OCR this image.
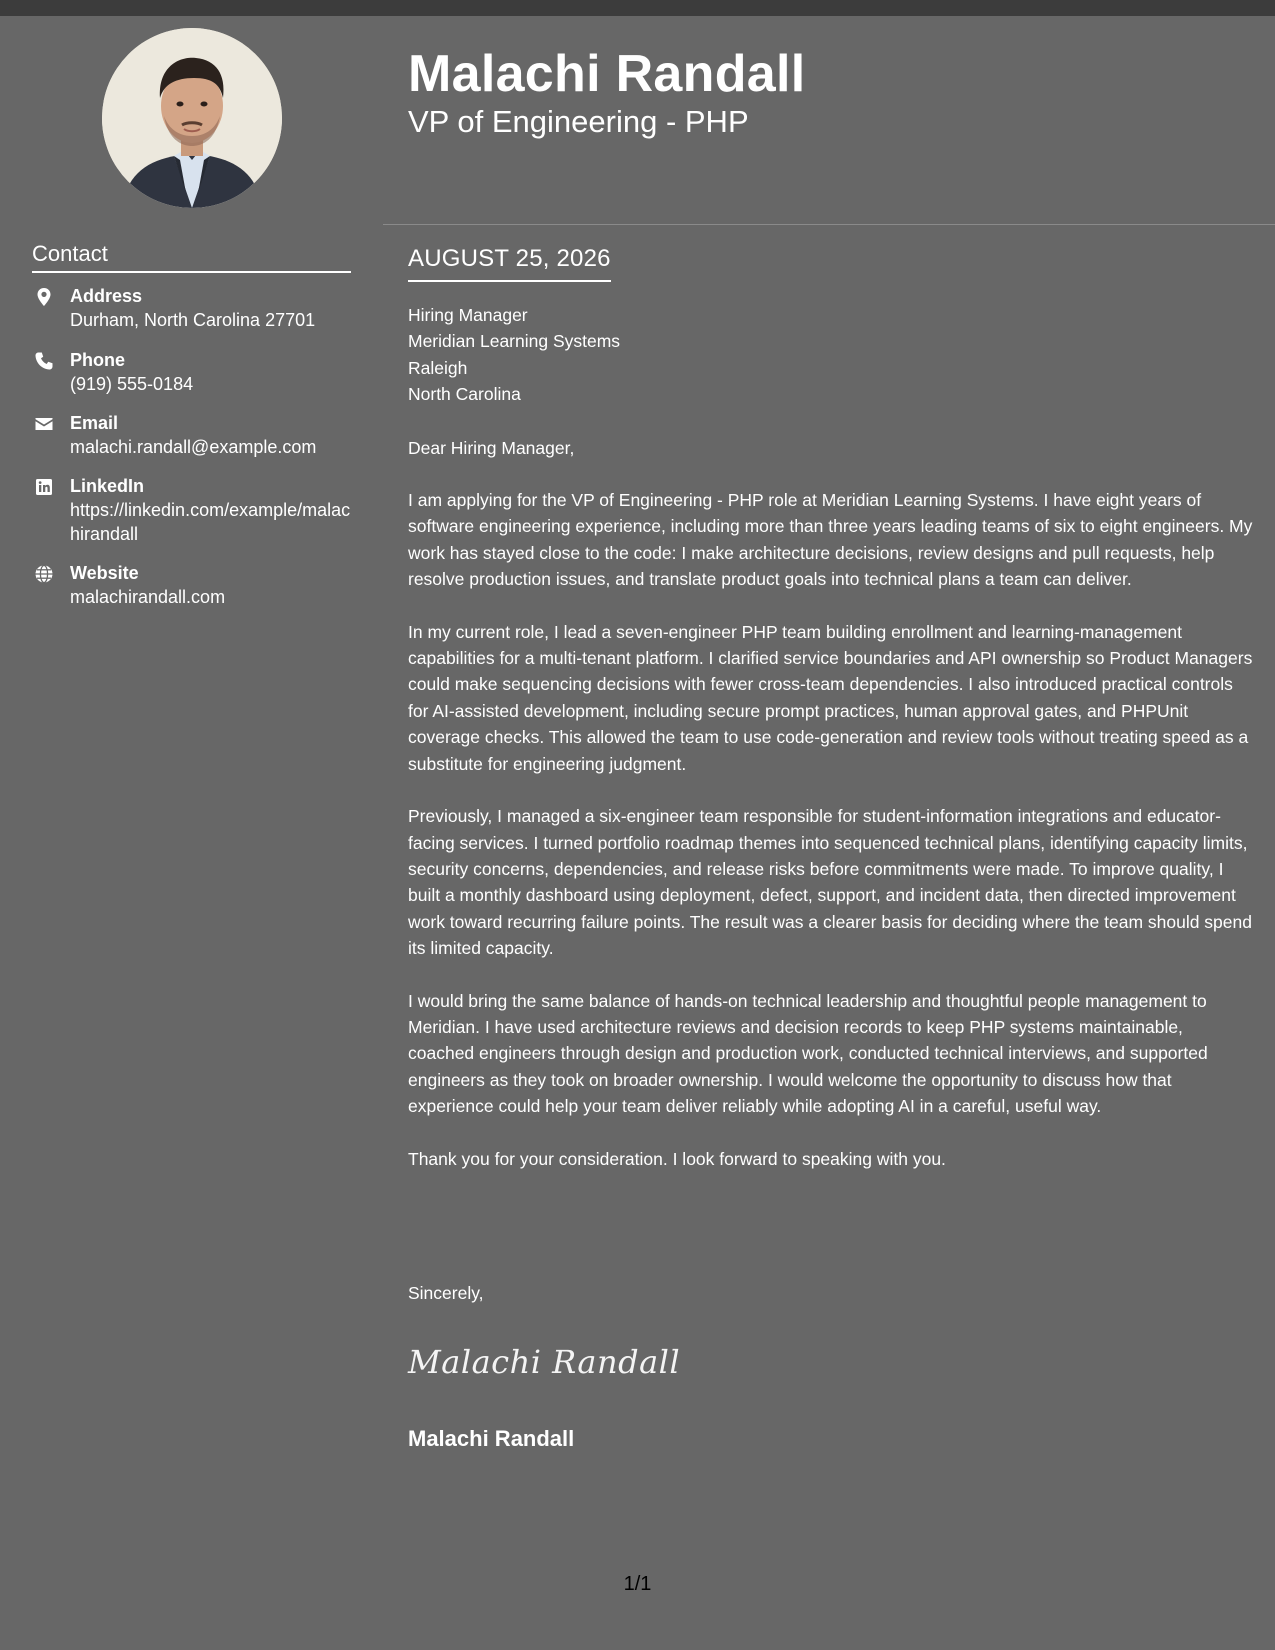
Contact
Address
Durham, North Carolina 27701
Phone
(919) 555-0184
Email
malachi.randall@example.com
LinkedIn
https://linkedin.com/example/malachirandall
Website
malachirandall.com
Malachi Randall
VP of Engineering - PHP
AUGUST 25, 2026
Hiring Manager
Meridian Learning Systems
Raleigh
North Carolina

Dear Hiring Manager,

I am applying for the VP of Engineering - PHP role at Meridian Learning Systems. I have eight years of software engineering experience, including more than three years leading teams of six to eight engineers. My work has stayed close to the code: I make architecture decisions, review designs and pull requests, help resolve production issues, and translate product goals into technical plans a team can deliver.

In my current role, I lead a seven-engineer PHP team building enrollment and learning-management capabilities for a multi-tenant platform. I clarified service boundaries and API ownership so Product Managers could make sequencing decisions with fewer cross-team dependencies. I also introduced practical controls for AI-assisted development, including secure prompt practices, human approval gates, and PHPUnit coverage checks. This allowed the team to use code-generation and review tools without treating speed as a substitute for engineering judgment.

Previously, I managed a six-engineer team responsible for student-information integrations and educator-facing services. I turned portfolio roadmap themes into sequenced technical plans, identifying capacity limits, security concerns, dependencies, and release risks before commitments were made. To improve quality, I built a monthly dashboard using deployment, defect, support, and incident data, then directed improvement work toward recurring failure points. The result was a clearer basis for deciding where the team should spend its limited capacity.

I would bring the same balance of hands-on technical leadership and thoughtful people management to Meridian. I have used architecture reviews and decision records to keep PHP systems maintainable, coached engineers through design and production work, conducted technical interviews, and supported engineers as they took on broader ownership. I would welcome the opportunity to discuss how that experience could help your team deliver reliably while adopting AI in a careful, useful way.

Thank you for your consideration. I look forward to speaking with you.

Sincerely,
Malachi Randall
Malachi Randall
1/1
